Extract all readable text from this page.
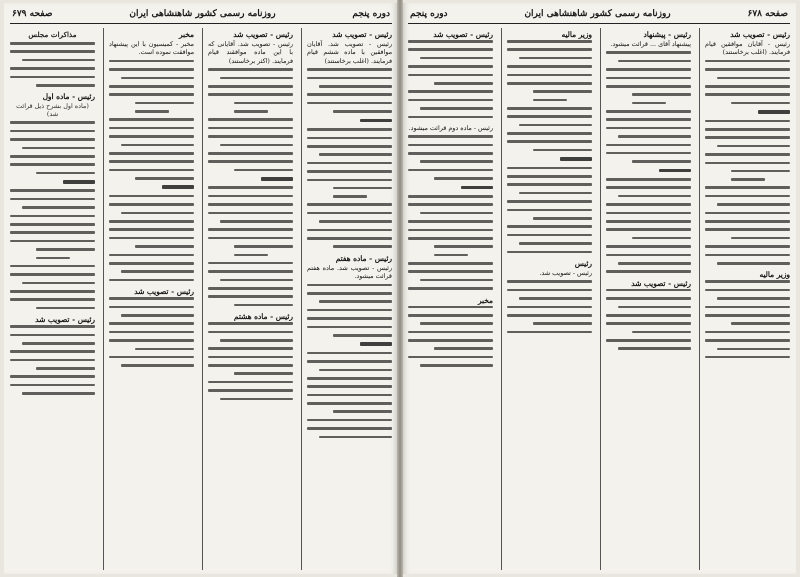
دوره پنجم
روزنامه رسمی کشور شاهنشاهی ایران
صفحه ۶۷۹
رئیس - تصویب شد

رئیس - تصویب شد. آقایان موافقین با ماده ششم قیام فرمایند. (اغلب برخاستند)

رئیس - ماده هفتم

رئیس - تصویب شد. ماده هفتم قرائت میشود.

رئیس - تصویب شد

رئیس - تصویب شد. آقایانی که با این ماده موافقند قیام فرمایند. (اکثر برخاستند)

رئیس - ماده هشتم
مخبر

مخبر - کمیسیون با این پیشنهاد موافقت نموده است.

رئیس - تصویب شد
مذاکرات مجلس
رئیس - ماده اول

(ماده اول بشرح ذیل قرائت شد)

رئیس - تصویب شد
صفحه ۶۷۸
روزنامه رسمی کشور شاهنشاهی ایران
دوره پنجم
رئیس - تصویب شد

رئیس - آقایان موافقین قیام فرمایند. (اغلب برخاستند)

وزیر مالیه
رئیس - پیشنهاد

پیشنهاد آقای ... قرائت میشود.

رئیس - تصویب شد
وزیر مالیه
رئیس

رئیس - تصویب شد.

رئیس - تصویب شد

رئیس - ماده دوم قرائت میشود.

مخبر
